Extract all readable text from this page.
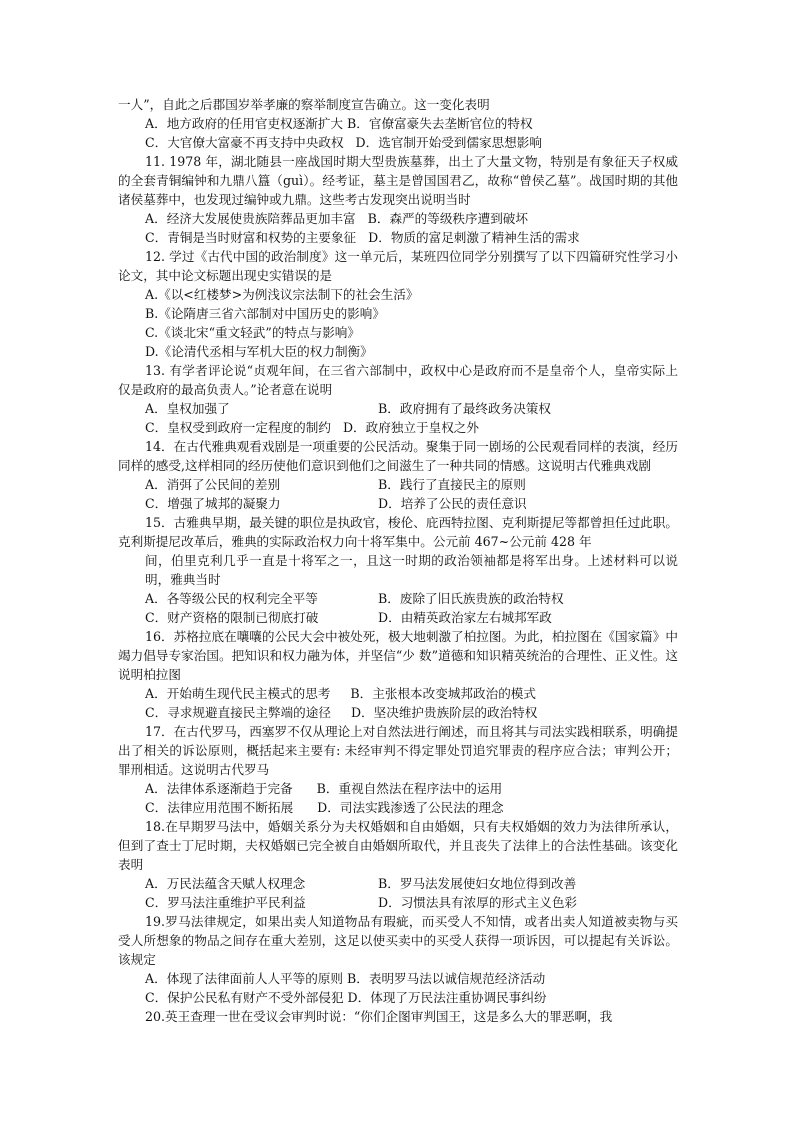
一人”，自此之后郡国岁举孝廉的察举制度宣告确立。这一变化表明

A．地方政府的任用官吏权逐渐扩大 B．官僚富豪失去垄断官位的特权

C．大官僚大富豪不再支持中央政权   D．选官制开始受到儒家思想影响

11. 1978 年，湖北随县一座战国时期大型贵族墓葬，出土了大量文物，特别是有象征天子权威的全套青铜编钟和九鼎八簋（guì）。经考证，墓主是曾国国君乙，故称“曾侯乙墓”。战国时期的其他诸侯墓葬中，也发现过编钟或九鼎。这些考古发现突出说明当时

A．经济大发展使贵族陪葬品更加丰富   B．森严的等级秩序遭到破坏

C．青铜是当时财富和权势的主要象征   D．物质的富足刺激了精神生活的需求

12. 学过《古代中国的政治制度》这一单元后，某班四位同学分别撰写了以下四篇研究性学习小论文，其中论文标题出现史实错误的是

A.《以<红楼梦>为例浅议宗法制下的社会生活》

B.《论隋唐三省六部制对中国历史的影响》

C.《谈北宋“重文轻武”的特点与影响》

D.《论清代丞相与军机大臣的权力制衡》

13. 有学者评论说“贞观年间，在三省六部制中，政权中心是政府而不是皇帝个人，皇帝实际上仅是政府的最高负责人。”论者意在说明

A．皇权加强了	B．政府拥有了最终政务决策权

C．皇权受到政府一定程度的制约   D．政府独立于皇权之外

14．在古代雅典观看戏剧是一项重要的公民活动。聚集于同一剧场的公民观看同样的表演，经历同样的感受,这样相同的经历使他们意识到他们之间滋生了一种共同的情感。这说明古代雅典戏剧

A．消弭了公民间的差别	B．践行了直接民主的原则

C．增强了城邦的凝聚力	D．培养了公民的责任意识

15．古雅典早期，最关键的职位是执政官，梭伦、庇西特拉图、克利斯提尼等都曾担任过此职。克利斯提尼改革后，雅典的实际政治权力向十将军集中。公元前 467~公元前 428 年

间，伯里克利几乎一直是十将军之一，且这一时期的政治领袖都是将军出身。上述材料可以说明，雅典当时

A．各等级公民的权利完全平等	B．废除了旧氏族贵族的政治特权

C．财产资格的限制已彻底打破	D．由精英政治家左右城邦军政

16．苏格拉底在嚷嚷的公民大会中被处死，极大地刺激了柏拉图。为此，柏拉图在《国家篇》中竭力倡导专家治国。把知识和权力融为体，并坚信“少 数”道德和知识精英统治的合理性、正义性。这说明柏拉图

A．开始萌生现代民主模式的思考     B．主张根本改变城邦政治的模式

C．寻求规避直接民主弊端的途径     D．坚决维护贵族阶层的政治特权

17．在古代罗马，西塞罗不仅从理论上对自然法进行阐述，而且将其与司法实践相联系，明确提出了相关的诉讼原则，概括起来主要有: 未经审判不得定罪处罚追究罪责的程序应合法；审判公开；罪刑相适。这说明古代罗马

A．法律体系逐渐趋于完备      B．重视自然法在程序法中的运用

C．法律应用范围不断拓展      D．司法实践渗透了公民法的理念

18.在早期罗马法中，婚姻关系分为夫权婚姻和自由婚姻，只有夫权婚姻的效力为法律所承认，但到了查士丁尼时期，夫权婚姻已完全被自由婚姻所取代，并且丧失了法律上的合法性基础。该变化表明

A．万民法蕴含天赋人权理念	B．罗马法发展使妇女地位得到改善

C．罗马法注重维护平民利益	D．习惯法具有浓厚的形式主义色彩

19.罗马法律规定，如果出卖人知道物品有瑕疵，而买受人不知情，或者出卖人知道被卖物与买受人所想象的物品之间存在重大差别，这足以使买卖中的买受人获得一项诉因，可以提起有关诉讼。该规定

A．体现了法律面前人人平等的原则 B．表明罗马法以诚信规范经济活动

C．保护公民私有财产不受外部侵犯 D．体现了万民法注重协调民事纠纷

20.英王查理一世在受议会审判时说：“你们企图审判国王，这是多么大的罪恶啊，我
